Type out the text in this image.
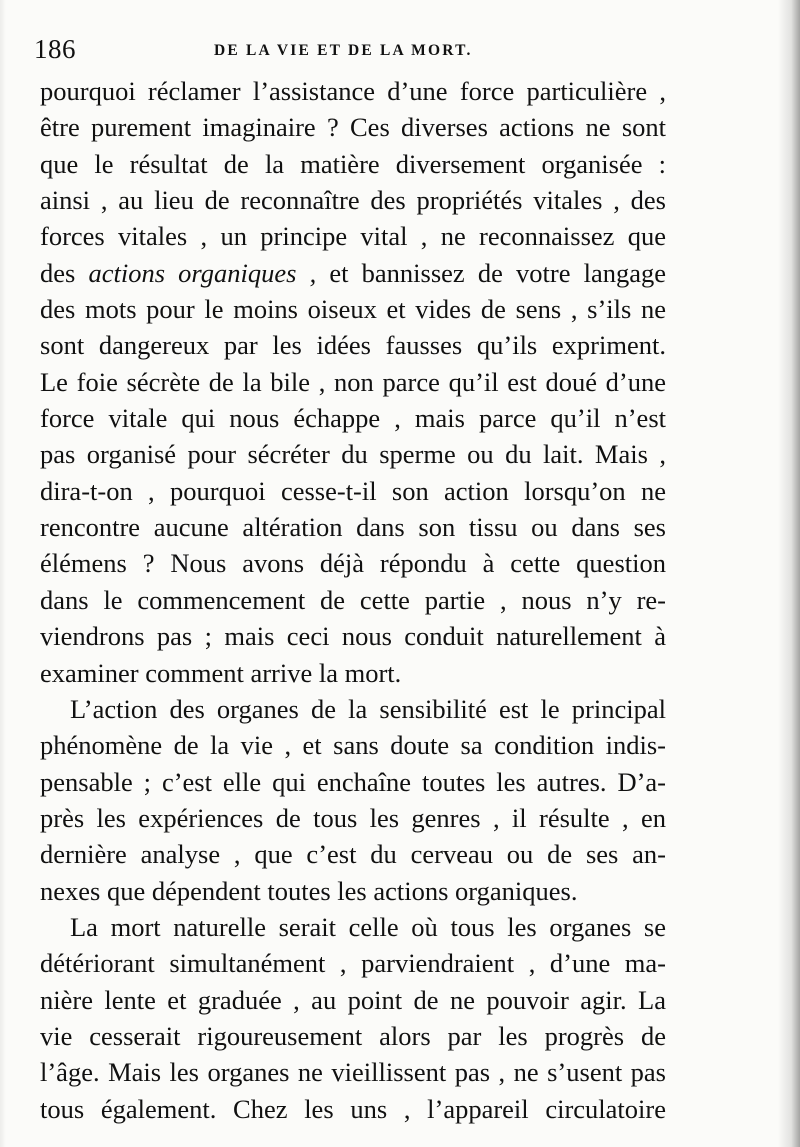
186	DE LA VIE ET DE LA MORT.
pourquoi réclamer l’assistance d’une force particulière ,
être purement imaginaire ? Ces diverses actions ne sont
que le résultat de la matière diversement organisée :
ainsi , au lieu de reconnaître des propriétés vitales , des
forces vitales , un principe vital , ne reconnaissez que
des actions organiques , et bannissez de votre langage
des mots pour le moins oiseux et vides de sens , s’ils ne
sont dangereux par les idées fausses qu’ils expriment.
Le foie sécrète de la bile , non parce qu’il est doué d’une
force vitale qui nous échappe , mais parce qu’il n’est
pas organisé pour sécréter du sperme ou du lait. Mais ,
dira-t-on , pourquoi cesse-t-il son action lorsqu’on ne
rencontre aucune altération dans son tissu ou dans ses
élémens ? Nous avons déjà répondu à cette question
dans le commencement de cette partie , nous n’y re-
viendrons pas ; mais ceci nous conduit naturellement à
examiner comment arrive la mort.
L’action des organes de la sensibilité est le principal
phénomène de la vie , et sans doute sa condition indis-
pensable ; c’est elle qui enchaîne toutes les autres. D’a-
près les expériences de tous les genres , il résulte , en
dernière analyse , que c’est du cerveau ou de ses an-
nexes que dépendent toutes les actions organiques.
La mort naturelle serait celle où tous les organes se
détériorant simultanément , parviendraient , d’une ma-
nière lente et graduée , au point de ne pouvoir agir. La
vie cesserait rigoureusement alors par les progrès de
l’âge. Mais les organes ne vieillissent pas , ne s’usent pas
tous également. Chez les uns , l’appareil circulatoire
